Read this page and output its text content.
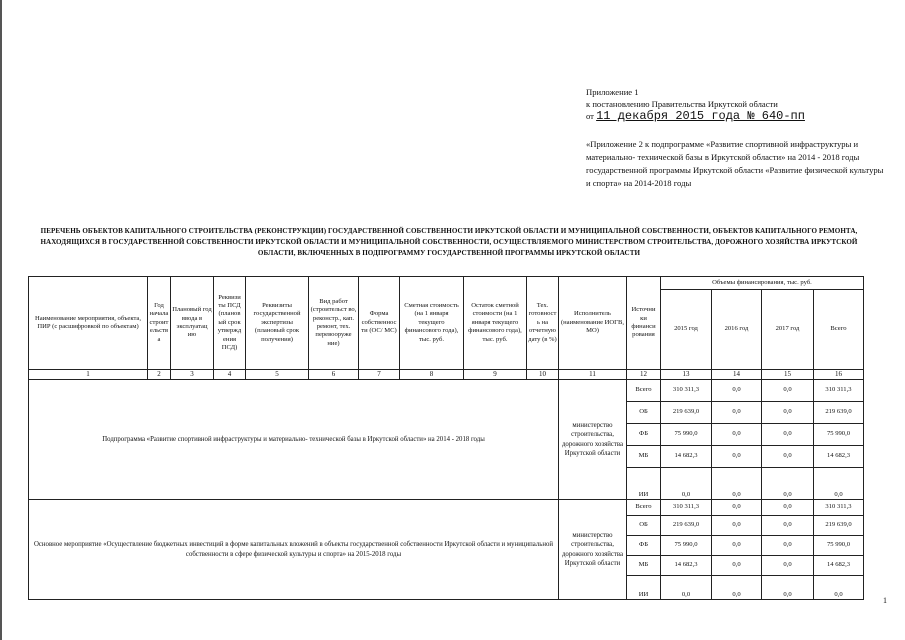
Приложение 1

к постановлению Правительства Иркутской области

от 11 декабря 2015 года № 640-пп

«Приложение 2 к подпрограмме «Развитие спортивной инфраструктуры и материально- технической базы в Иркутской области» на 2014 - 2018 годы государственной программы Иркутской области «Развитие физической культуры и спорта» на 2014-2018 годы

ПЕРЕЧЕНЬ ОБЪЕКТОВ КАПИТАЛЬНОГО СТРОИТЕЛЬСТВА (РЕКОНСТРУКЦИИ) ГОСУДАРСТВЕННОЙ СОБСТВЕННОСТИ ИРКУТСКОЙ ОБЛАСТИ И МУНИЦИПАЛЬНОЙ СОБСТВЕННОСТИ, ОБЪЕКТОВ КАПИТАЛЬНОГО РЕМОНТА, НАХОДЯЩИХСЯ В ГОСУДАРСТВЕННОЙ СОБСТВЕННОСТИ ИРКУТСКОЙ ОБЛАСТИ И МУНИЦИПАЛЬНОЙ СОБСТВЕННОСТИ, ОСУЩЕСТВЛЯЕМОГО МИНИСТЕРСТВОМ СТРОИТЕЛЬСТВА, ДОРОЖНОГО ХОЗЯЙСТВА ИРКУТСКОЙ ОБЛАСТИ, ВКЛЮЧЕННЫХ В ПОДПРОГРАММУ ГОСУДАРСТВЕННОЙ ПРОГРАММЫ ИРКУТСКОЙ ОБЛАСТИ
Наименование мероприятия, объекта, ПИР (с расшифровкой по объектам)	Год начала строит ельств а	Плановый год ввода в эксплуатац ию	Реквизи ты ПСД (планов ый срок утвержд ения ПСД)	Реквизиты государственной экспертизы (плановый срок получения)	Вид работ (строительст во, реконстр., кап. ремонт, тех. перевооруже ние)	Форма собственнос ти (ОС/ МС)	Сметная стоимость (на 1 января текущего финансового года), тыс. руб.	Остаток сметной стоимости (на 1 января текущего финансового года), тыс. руб.	Тех. готовност ь на отчетную дату (в %)	Исполнитель (наименование ИОГВ, МО)	Источни ки финанси рования	Объемы финансирования, тыс. руб.			
												2015 год	2016 год	2017 год	Всего
1	2	3	4	5	6	7	8	9	10	11	12	13	14	15	16
Подпрограмма «Развитие спортивной инфраструктуры и материально- технической базы в Иркутской области» на 2014 - 2018 годы										министерство строительства, дорожного хозяйства Иркутской области	Всего	310 311,3	0,0	0,0	310 311,3
											ОБ	219 639,0	0,0	0,0	219 639,0
											ФБ	75 990,0	0,0	0,0	75 990,0
											МБ	14 682,3	0,0	0,0	14 682,3
											ИИ	0,0	0,0	0,0	0,0
Основное мероприятие «Осуществление бюджетных инвестиций в форме капитальных вложений в объекты государственной собственности Иркутской области и муниципальной собственности в сфере физической культуры и спорта» на 2015-2018 годы										министерство строительства, дорожного хозяйства Иркутской области	Всего	310 311,3	0,0	0,0	310 311,3
											ОБ	219 639,0	0,0	0,0	219 639,0
											ФБ	75 990,0	0,0	0,0	75 990,0
											МБ	14 682,3	0,0	0,0	14 682,3
											ИИ	0,0	0,0	0,0	0,0
1
